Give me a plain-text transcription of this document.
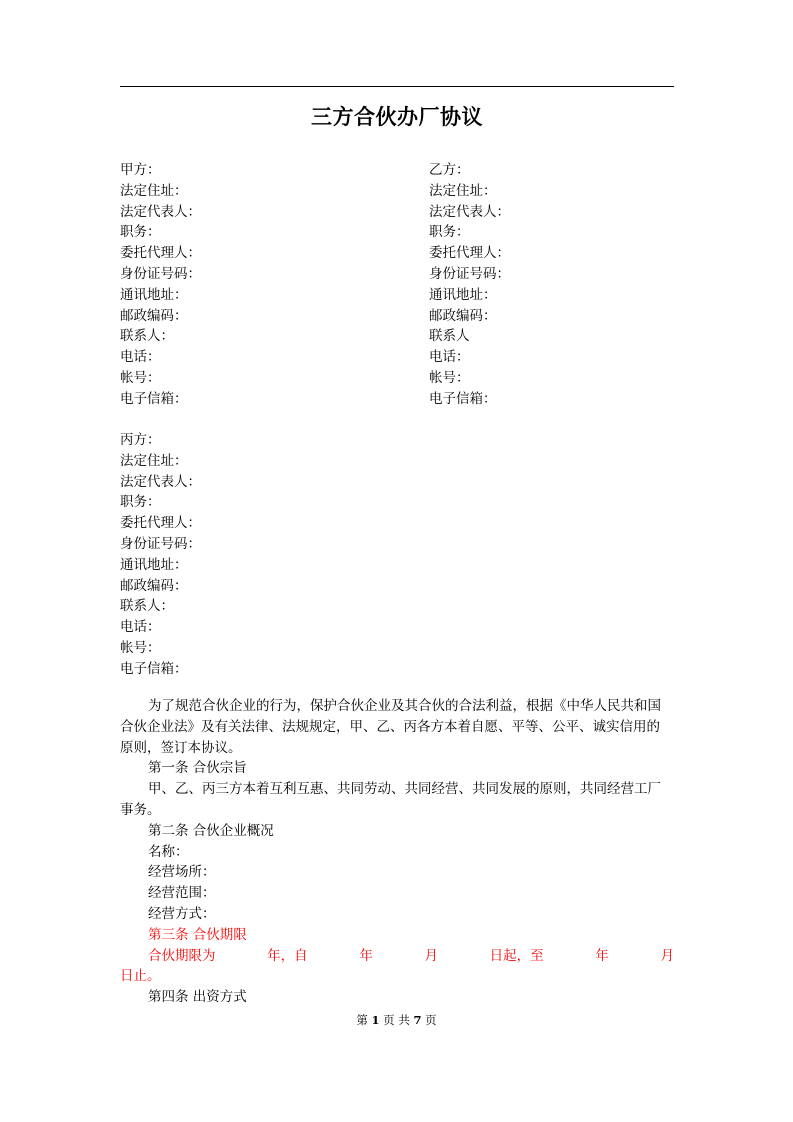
三方合伙办厂协议
甲方：
法定住址：
法定代表人：
职务：
委托代理人：
身份证号码：
通讯地址：
邮政编码：
联系人：
电话：
帐号：
电子信箱：
乙方：
法定住址：
法定代表人：
职务：
委托代理人：
身份证号码：
通讯地址：
邮政编码：
联系人
电话：
帐号：
电子信箱：
丙方：
法定住址：
法定代表人：
职务：
委托代理人：
身份证号码：
通讯地址：
邮政编码：
联系人：
电话：
帐号：
电子信箱：
为了规范合伙企业的行为，保护合伙企业及其合伙的合法利益，根据《中华人民共和国
合伙企业法》及有关法律、法规规定，甲、乙、丙各方本着自愿、平等、公平、诚实信用的
原则，签订本协议。
第一条 合伙宗旨
甲、乙、丙三方本着互利互惠、共同劳动、共同经营、共同发展的原则，共同经营工厂
事务。
第二条 合伙企业概况
名称：
经营场所：
经营范围：
经营方式：
第三条 合伙期限
合伙期限为	年，自	年	月	日起，至	年	月
日止。
第四条 出资方式
第 1 页 共 7 页
